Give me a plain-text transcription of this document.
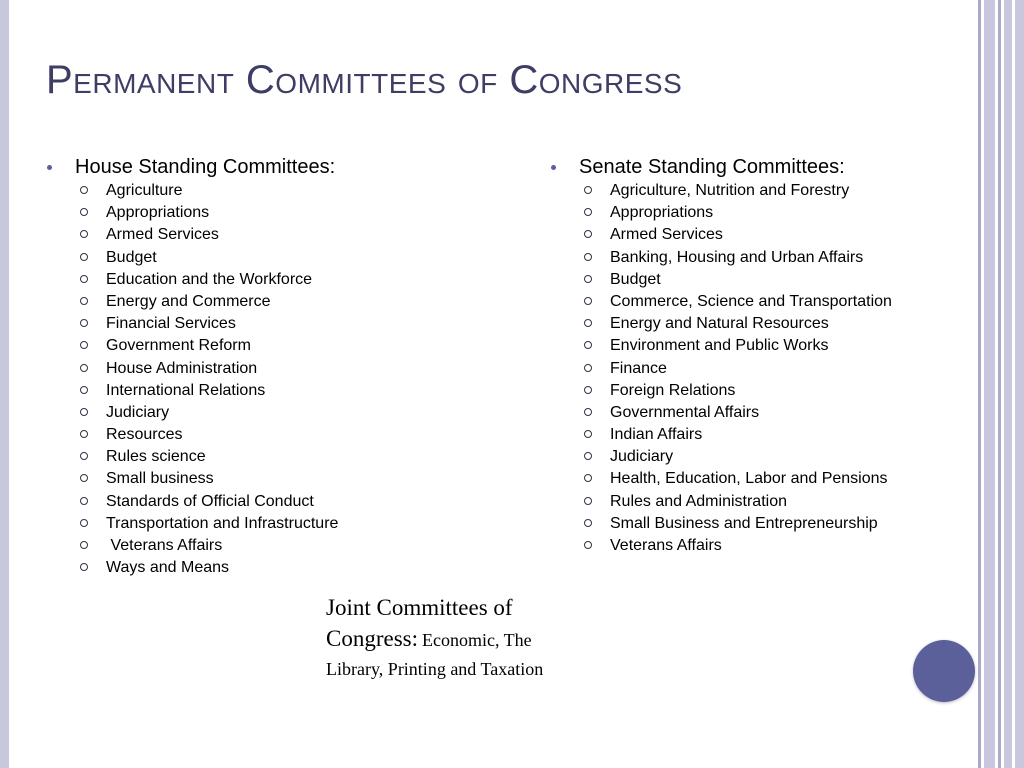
Permanent Committees of Congress
House Standing Committees:
Agriculture
Appropriations
Armed Services
Budget
Education and the Workforce
Energy and Commerce
Financial Services
Government Reform
House Administration
International Relations
Judiciary
Resources
Rules science
Small business
Standards of Official Conduct
Transportation and Infrastructure
Veterans Affairs
Ways and Means
Senate Standing Committees:
Agriculture, Nutrition and Forestry
Appropriations
Armed Services
Banking, Housing and Urban Affairs
Budget
Commerce, Science and Transportation
Energy and Natural Resources
Environment and Public Works
Finance
Foreign Relations
Governmental Affairs
Indian Affairs
Judiciary
Health, Education, Labor and Pensions
Rules and Administration
Small Business and Entrepreneurship
Veterans Affairs
Joint Committees of Congress: Economic, The Library, Printing and Taxation
